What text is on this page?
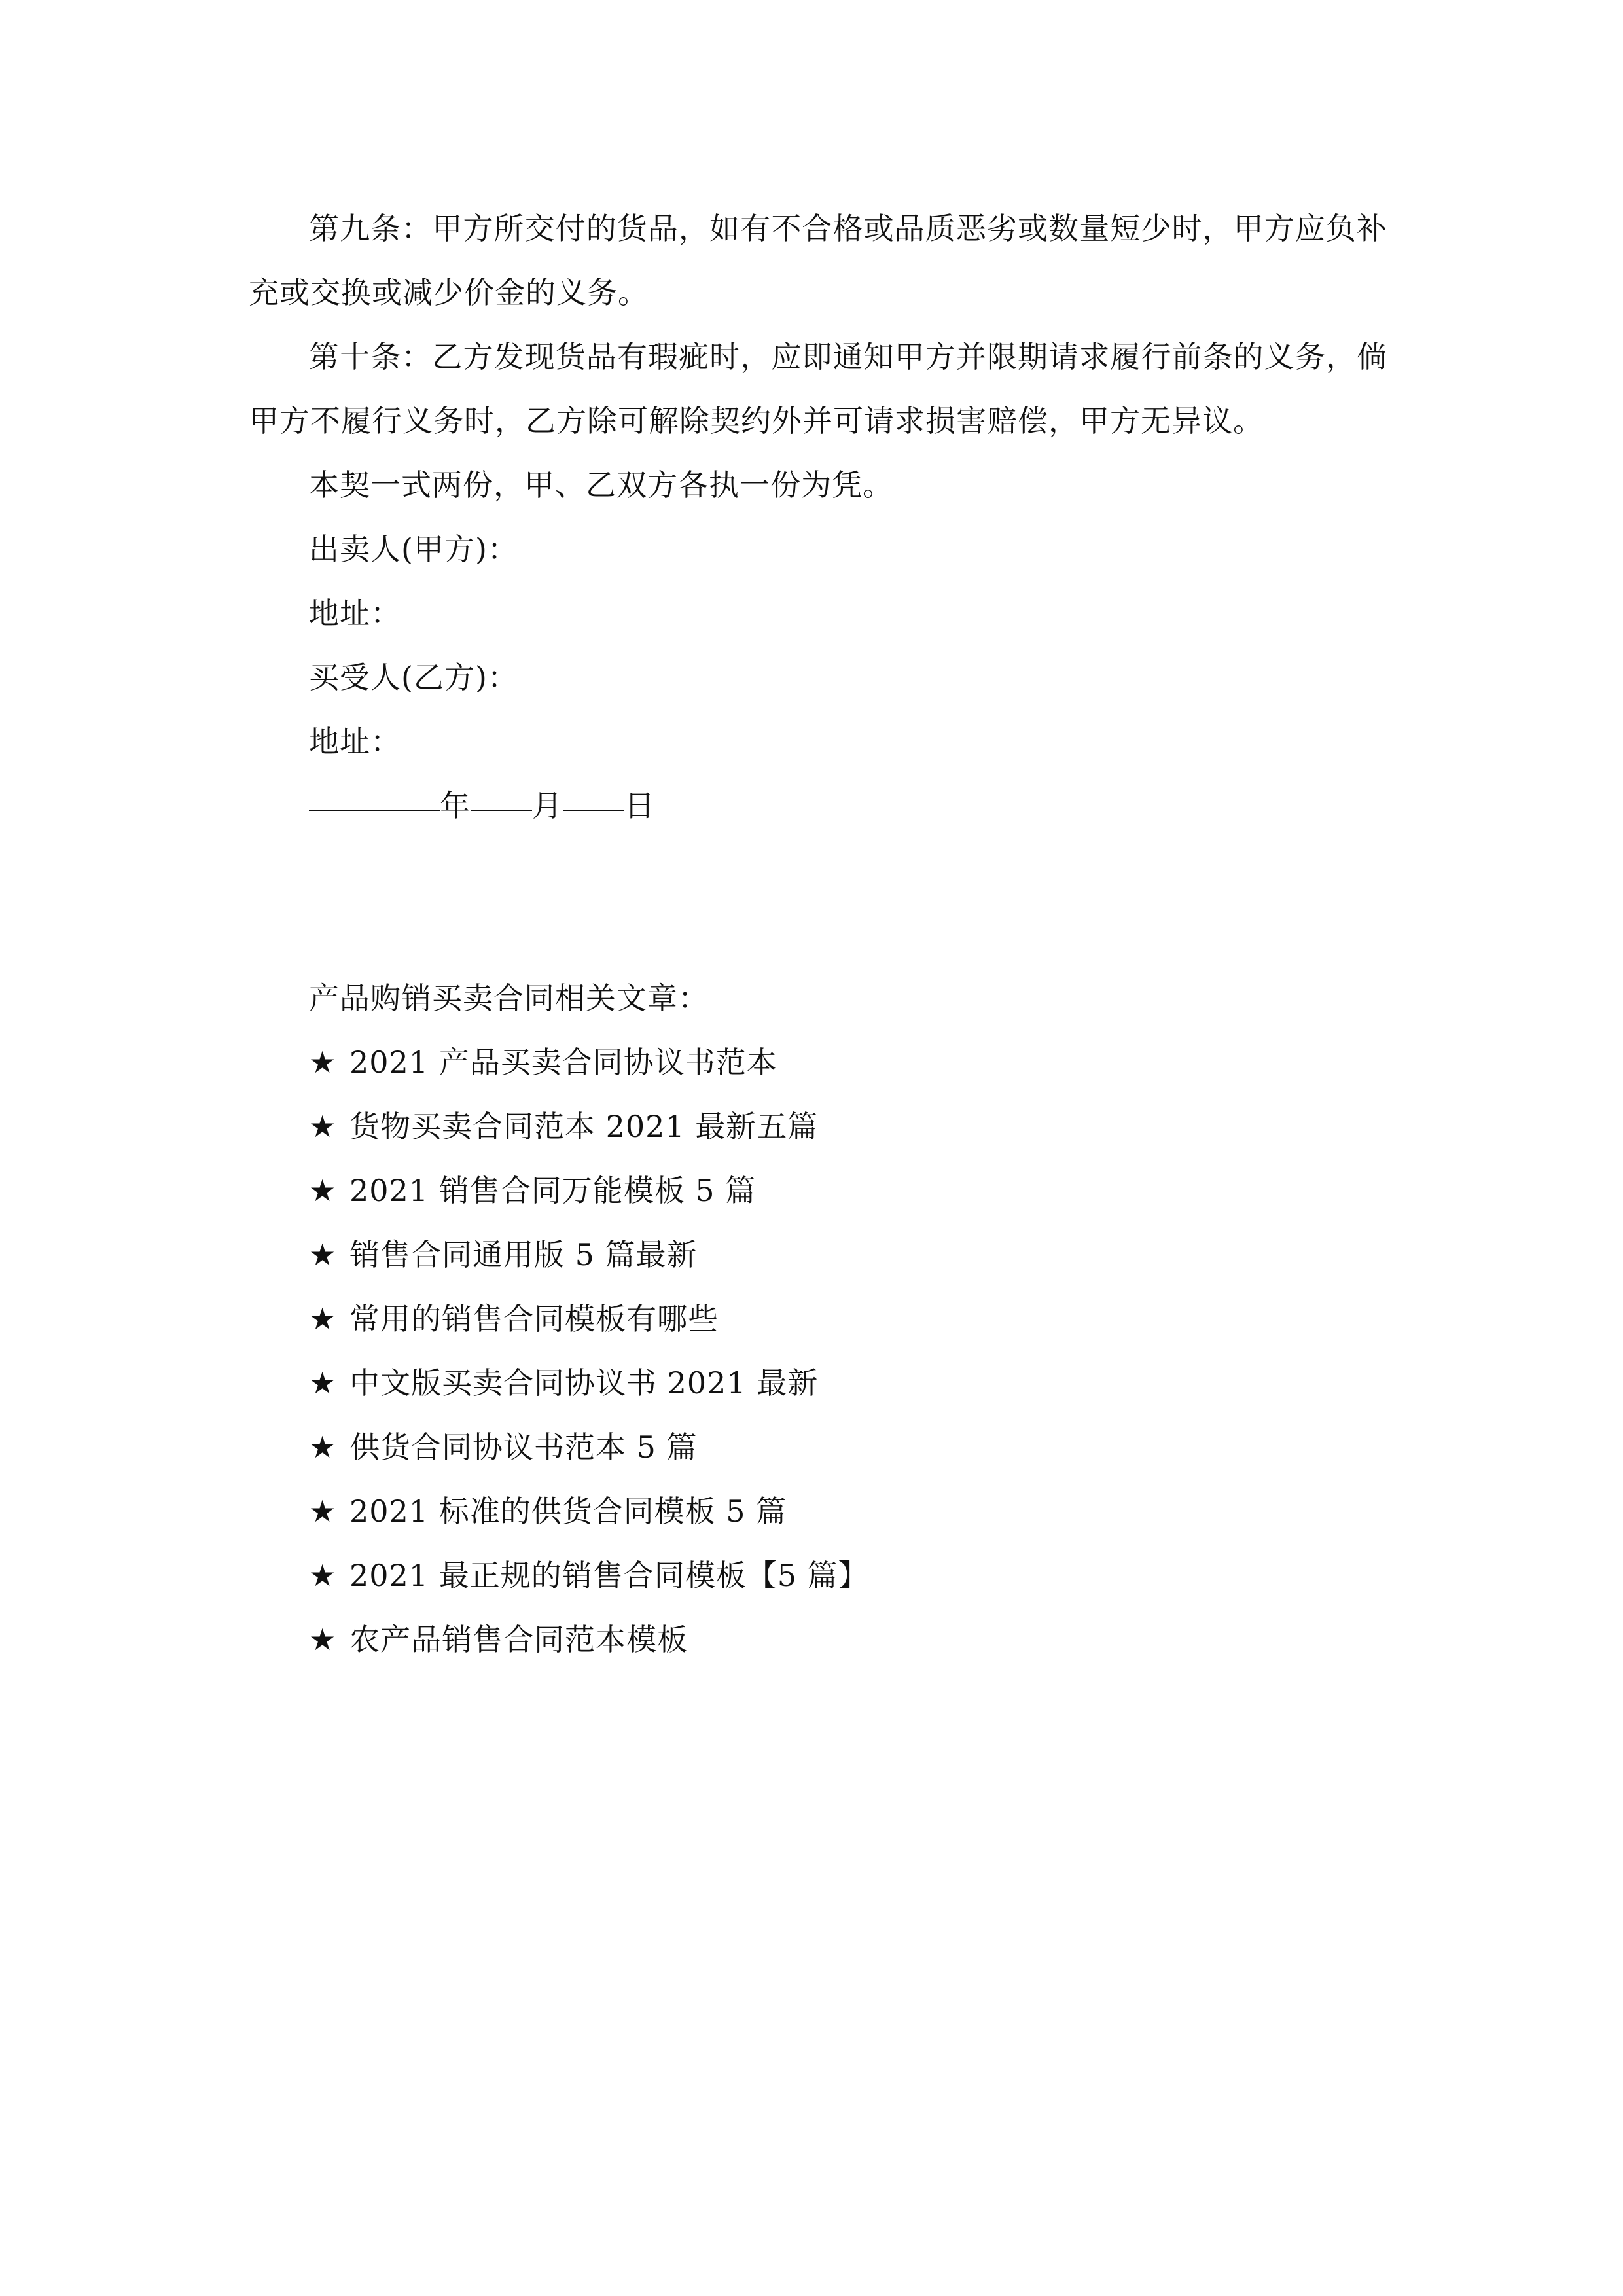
第九条：甲方所交付的货品，如有不合格或品质恶劣或数量短少时，甲方应负补充或交换或减少价金的义务。

第十条：乙方发现货品有瑕疵时，应即通知甲方并限期请求履行前条的义务，倘甲方不履行义务时，乙方除可解除契约外并可请求损害赔偿，甲方无异议。

本契一式两份，甲、乙双方各执一份为凭。

出卖人(甲方)：

地址：

买受人(乙方)：

地址：

年 月 日

产品购销买卖合同相关文章：

★ 2021 产品买卖合同协议书范本
★ 货物买卖合同范本 2021 最新五篇
★ 2021 销售合同万能模板 5 篇
★ 销售合同通用版 5 篇最新
★ 常用的销售合同模板有哪些
★ 中文版买卖合同协议书 2021 最新
★ 供货合同协议书范本 5 篇
★ 2021 标准的供货合同模板 5 篇
★ 2021 最正规的销售合同模板【5 篇】
★ 农产品销售合同范本模板
